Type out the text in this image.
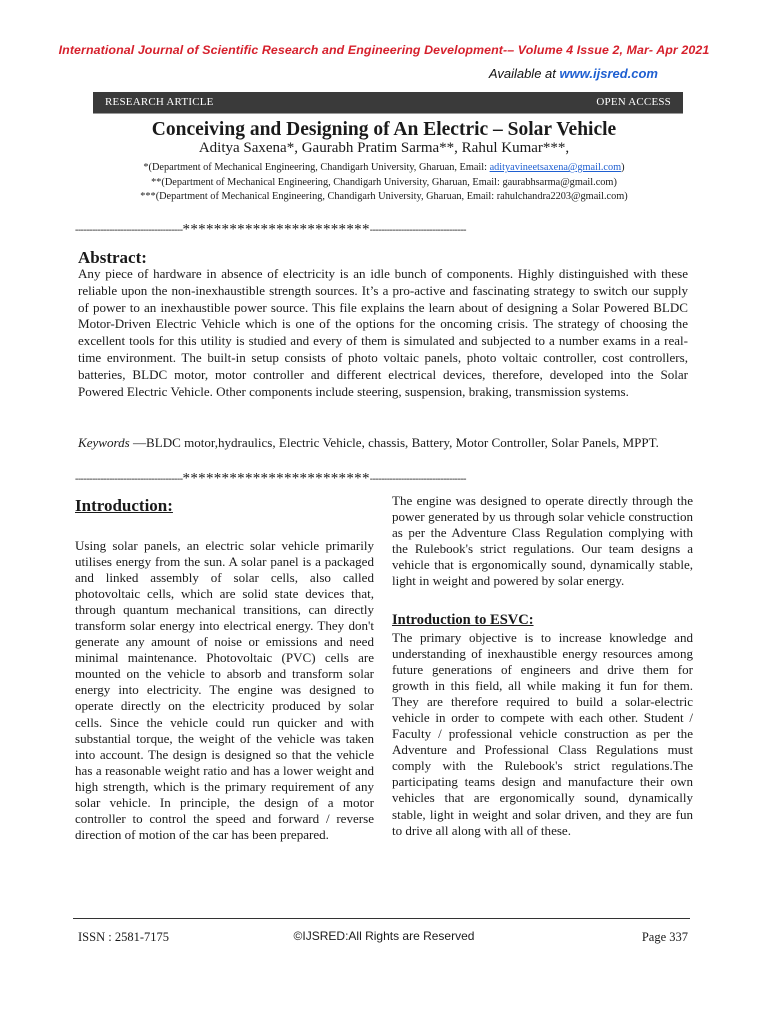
International Journal of Scientific Research and Engineering Development-– Volume 4 Issue 2, Mar- Apr 2021
Available at www.ijsred.com
RESEARCH ARTICLE	OPEN ACCESS
Conceiving and Designing of An Electric – Solar Vehicle
Aditya Saxena*, Gaurabh Pratim Sarma**, Rahul Kumar***,
*(Department of Mechanical Engineering, Chandigarh University, Gharuan, Email: adityavineetsaxena@gmail.com)
**(Department of Mechanical Engineering, Chandigarh University, Gharuan, Email: gaurabhsarma@gmail.com)
***(Department of Mechanical Engineering, Chandigarh University, Gharuan, Email: rahulchandra2203@gmail.com)
--------------------------------------************************----------------------------------
Abstract:
Any piece of hardware in absence of electricity is an idle bunch of components. Highly distinguished with these reliable upon the non-inexhaustible strength sources. It’s a pro-active and fascinating strategy to switch our supply of power to an inexhaustible power source. This file explains the learn about of designing a Solar Powered BLDC Motor-Driven Electric Vehicle which is one of the options for the oncoming crisis. The strategy of choosing the excellent tools for this utility is studied and every of them is simulated and subjected to a number exams in a real-time environment. The built-in setup consists of photo voltaic panels, photo voltaic controller, cost controllers, batteries, BLDC motor, motor controller and different electrical devices, therefore, developed into the Solar Powered Electric Vehicle. Other components include steering, suspension, braking, transmission systems.
Keywords —BLDC motor,hydraulics, Electric Vehicle, chassis, Battery, Motor Controller, Solar Panels, MPPT.
--------------------------------------************************----------------------------------
Introduction:
Using solar panels, an electric solar vehicle primarily utilises energy from the sun. A solar panel is a packaged and linked assembly of solar cells, also called photovoltaic cells, which are solid state devices that, through quantum mechanical transitions, can directly transform solar energy into electrical energy. They don't generate any amount of noise or emissions and need minimal maintenance. Photovoltaic (PVC) cells are mounted on the vehicle to absorb and transform solar energy into electricity. The engine was designed to operate directly on the electricity produced by solar cells. Since the vehicle could run quicker and with substantial torque, the weight of the vehicle was taken into account. The design is designed so that the vehicle has a reasonable weight ratio and has a lower weight and high strength, which is the primary requirement of any solar vehicle. In principle, the design of a motor controller to control the speed and forward / reverse direction of motion of the car has been prepared.
The engine was designed to operate directly through the power generated by us through solar vehicle construction as per the Adventure Class Regulation complying with the Rulebook's strict regulations. Our team designs a vehicle that is ergonomically sound, dynamically stable, light in weight and powered by solar energy.
Introduction to ESVC:
The primary objective is to increase knowledge and understanding of inexhaustible energy resources among future generations of engineers and drive them for growth in this field, all while making it fun for them. They are therefore required to build a solar-electric vehicle in order to compete with each other. Student / Faculty / professional vehicle construction as per the Adventure and Professional Class Regulations must comply with the Rulebook's strict regulations.The participating teams design and manufacture their own vehicles that are ergonomically sound, dynamically stable, light in weight and solar driven, and they are fun to drive all along with all of these.
ISSN : 2581-7175	©IJSRED:All Rights are Reserved	Page 337
